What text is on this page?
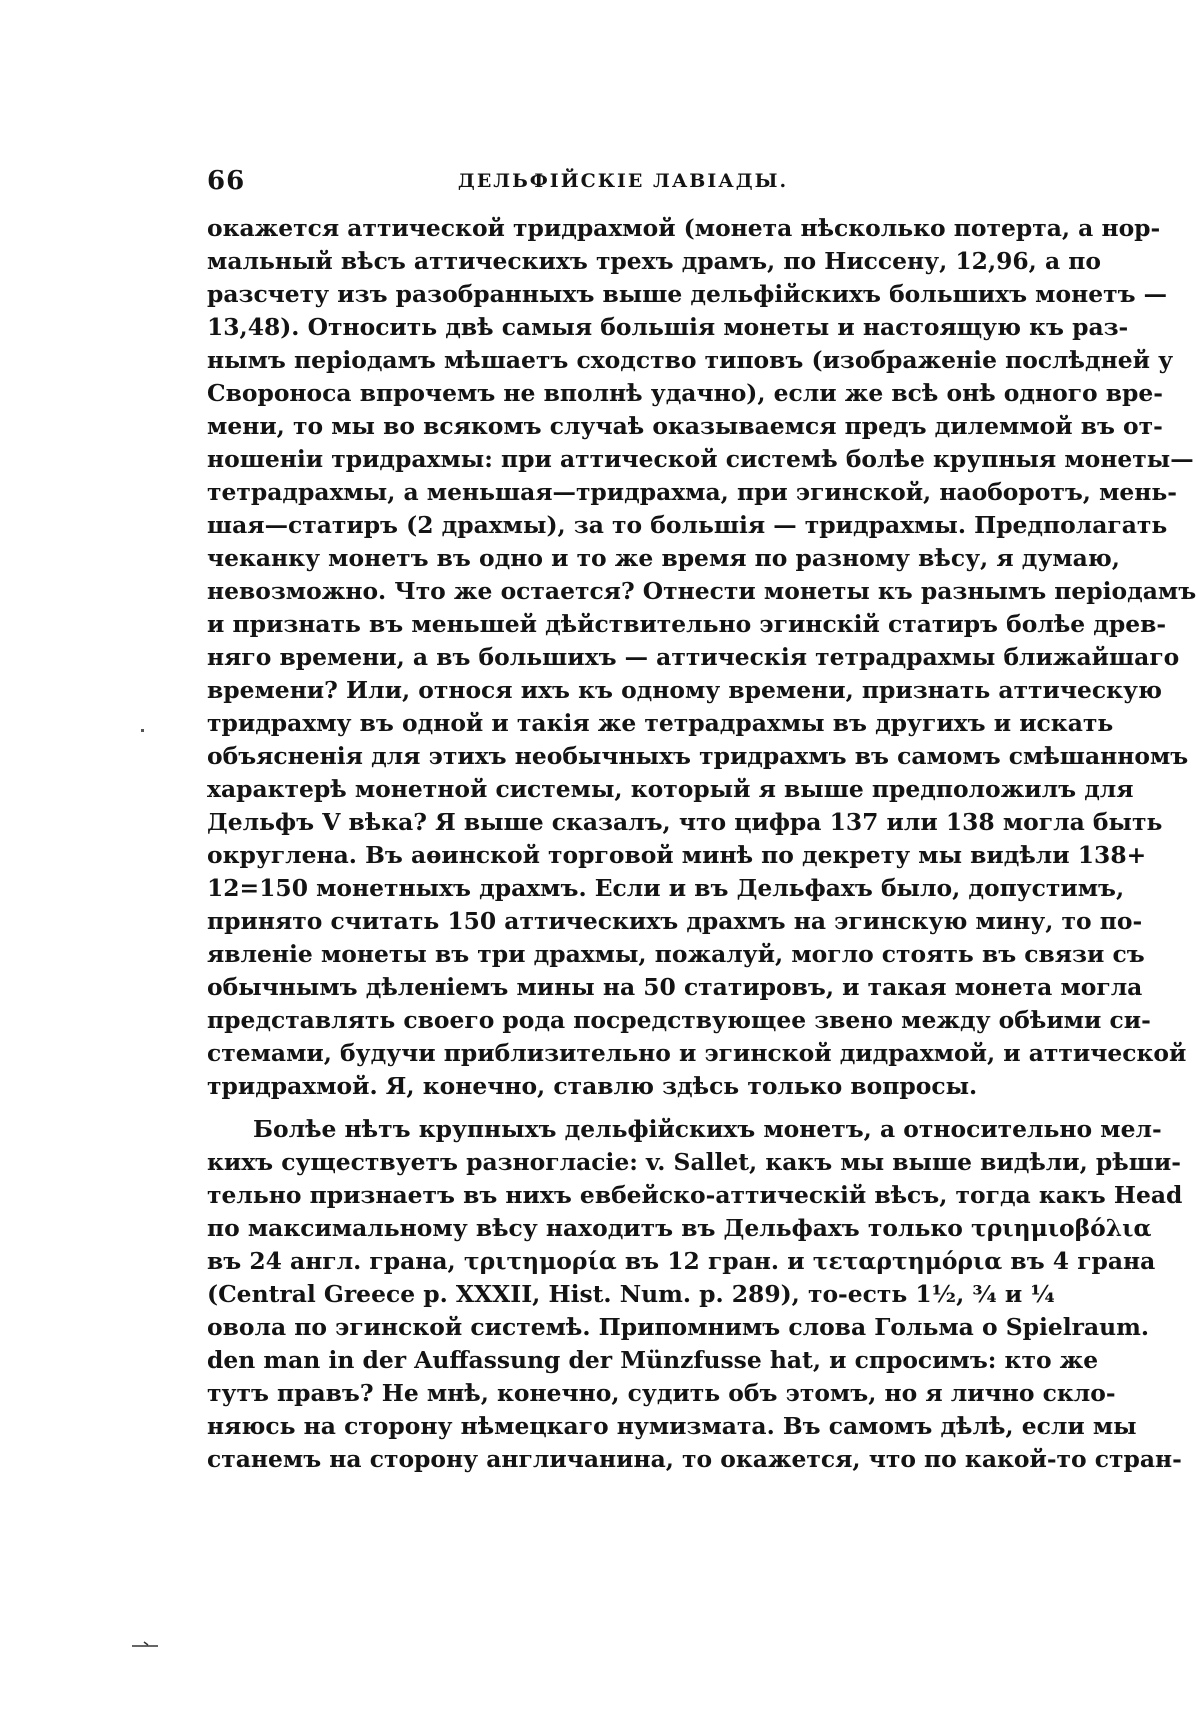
66	ДЕЛЬФІЙСКІЕ ЛАВІАДЫ.
окажется аттической тридрахмой (монета нѣсколько потерта, а нор-
мальный вѣсъ аттическихъ трехъ драмъ, по Ниссену, 12,96, а по
разсчету изъ разобранныхъ выше дельфійскихъ большихъ монетъ —
13,48). Относить двѣ самыя большія монеты и настоящую къ раз-
нымъ періодамъ мѣшаетъ сходство типовъ (изображеніе послѣдней у
Свороноса впрочемъ не вполнѣ удачно), если же всѣ онѣ одного вре-
мени, то мы во всякомъ случаѣ оказываемся предъ дилеммой въ от-
ношеніи тридрахмы: при аттической системѣ болѣе крупныя монеты—
тетрадрахмы, а меньшая—тридрахма, при эгинской, наоборотъ, мень-
шая—статиръ (2 драхмы), за то большія — тридрахмы. Предполагать
чеканку монетъ въ одно и то же время по разному вѣсу, я думаю,
невозможно. Что же остается? Отнести монеты къ разнымъ періодамъ
и признать въ меньшей дѣйствительно эгинскій статиръ болѣе древ-
няго времени, а въ большихъ — аттическія тетрадрахмы ближайшаго
времени? Или, относя ихъ къ одному времени, признать аттическую
тридрахму въ одной и такія же тетрадрахмы въ другихъ и искать
объясненія для этихъ необычныхъ тридрахмъ въ самомъ смѣшанномъ
характерѣ монетной системы, который я выше предположилъ для
Дельфъ V вѣка? Я выше сказалъ, что цифра 137 или 138 могла быть
округлена. Въ аѳинской торговой минѣ по декрету мы видѣли 138+
12=150 монетныхъ драхмъ. Если и въ Дельфахъ было, допустимъ,
принято считать 150 аттическихъ драхмъ на эгинскую мину, то по-
явленіе монеты въ три драхмы, пожалуй, могло стоять въ связи съ
обычнымъ дѣленіемъ мины на 50 статировъ, и такая монета могла
представлять своего рода посредствующее звено между обѣими си-
стемами, будучи приблизительно и эгинской дидрахмой, и аттической
тридрахмой. Я, конечно, ставлю здѣсь только вопросы.
Болѣе нѣтъ крупныхъ дельфійскихъ монетъ, а относительно мел-
кихъ существуетъ разногласіе: v. Sallet, какъ мы выше видѣли, рѣши-
тельно признаетъ въ нихъ евбейско-аттическій вѣсъ, тогда какъ Head
по максимальному вѣсу находитъ въ Дельфахъ только τριημιοβόλια
въ 24 англ. грана, τριτημορία въ 12 гран. и τεταρτημόρια въ 4 грана
(Central Greece p. XXXII, Hist. Num. p. 289), то-есть 1½, ¾ и ¼
овола по эгинской системѣ. Припомнимъ слова Гольма о Spielraum.
den man in der Auffassung der Münzfusse hat, и спросимъ: кто же
тутъ правъ? Не мнѣ, конечно, судить объ этомъ, но я лично скло-
няюсь на сторону нѣмецкаго нумизмата. Въ самомъ дѣлѣ, если мы
станемъ на сторону англичанина, то окажется, что по какой-то стран-
